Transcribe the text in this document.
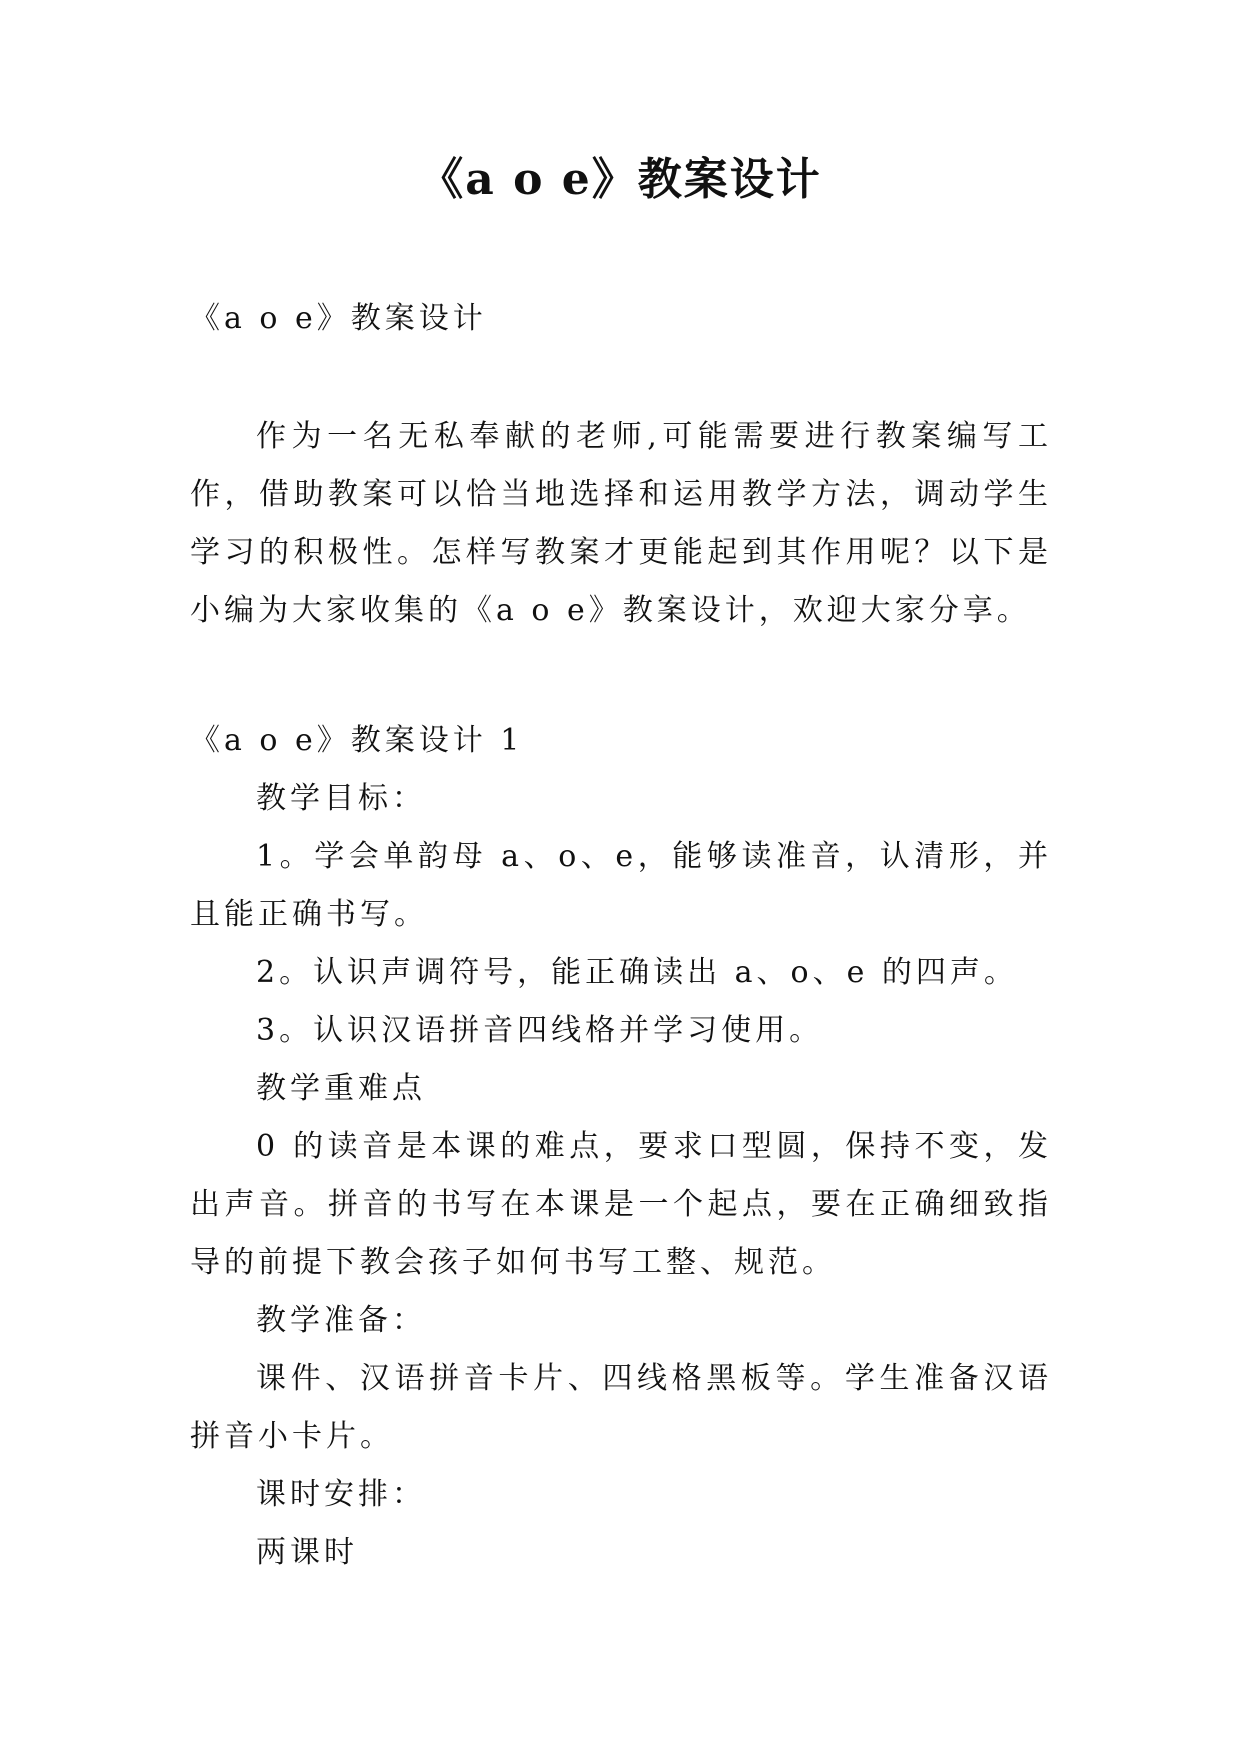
《a o e》教案设计

《a o e》教案设计

作为一名无私奉献的老师,可能需要进行教案编写工作，借助教案可以恰当地选择和运用教学方法，调动学生学习的积极性。怎样写教案才更能起到其作用呢？以下是小编为大家收集的《a o e》教案设计，欢迎大家分享。

《a o e》教案设计 1

教学目标：

1。学会单韵母 a、o、e，能够读准音，认清形，并且能正确书写。

2。认识声调符号，能正确读出 a、o、e 的四声。

3。认识汉语拼音四线格并学习使用。

教学重难点

0 的读音是本课的难点，要求口型圆，保持不变，发出声音。拼音的书写在本课是一个起点，要在正确细致指导的前提下教会孩子如何书写工整、规范。

教学准备：

课件、汉语拼音卡片、四线格黑板等。学生准备汉语拼音小卡片。

课时安排：

两课时
